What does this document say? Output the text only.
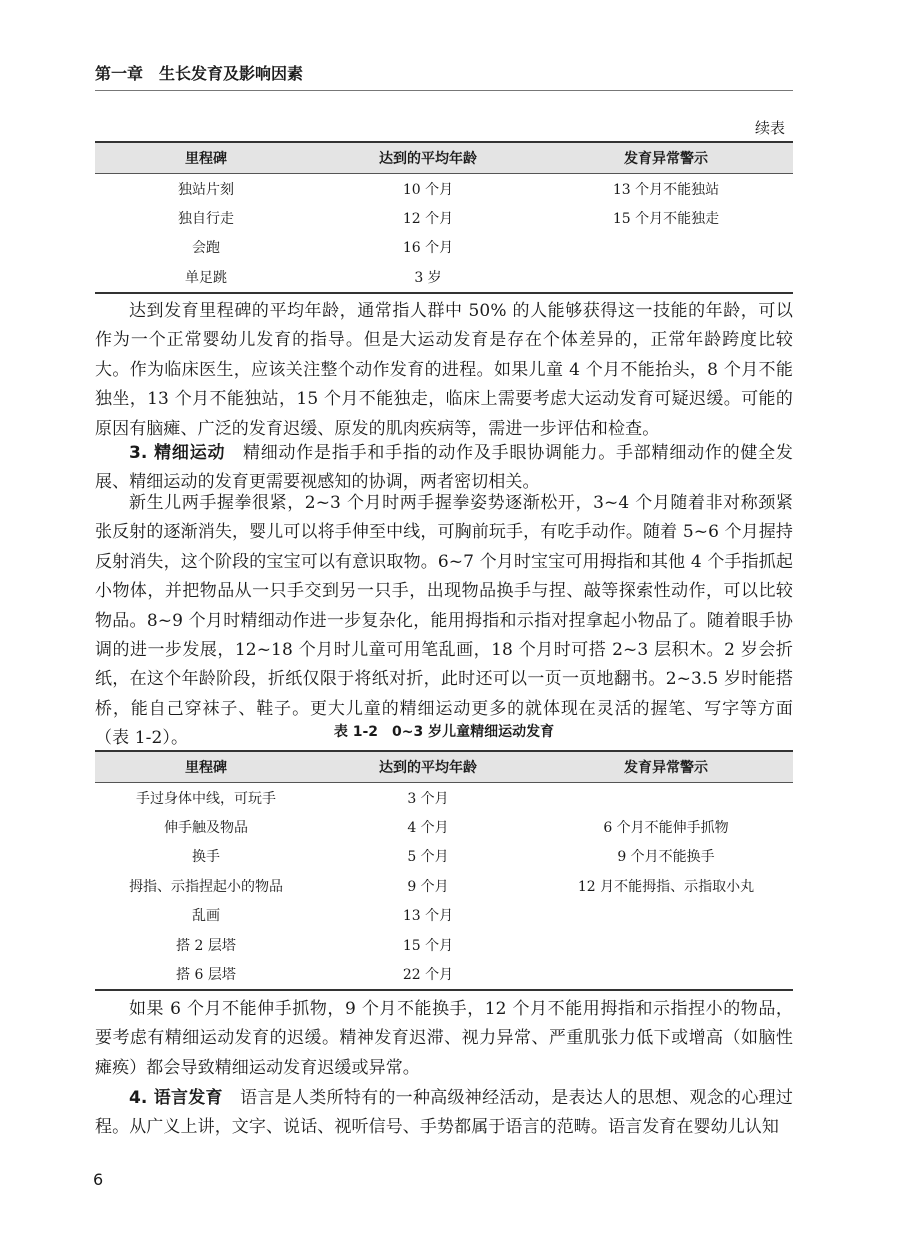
第一章　生长发育及影响因素
续表
里程碑	达到的平均年龄	发育异常警示
独站片刻	10 个月	13 个月不能独站
独自行走	12 个月	15 个月不能独走
会跑	16 个月	
单足跳	3 岁	

达到发育里程碑的平均年龄，通常指人群中 50% 的人能够获得这一技能的年龄，可以作为一个正常婴幼儿发育的指导。但是大运动发育是存在个体差异的，正常年龄跨度比较大。作为临床医生，应该关注整个动作发育的进程。如果儿童 4 个月不能抬头，8 个月不能独坐，13 个月不能独站，15 个月不能独走，临床上需要考虑大运动发育可疑迟缓。可能的原因有脑瘫、广泛的发育迟缓、原发的肌肉疾病等，需进一步评估和检查。

3. 精细运动　 精细动作是指手和手指的动作及手眼协调能力。手部精细动作的健全发展、精细运动的发育更需要视感知的协调，两者密切相关。

新生儿两手握拳很紧，2~3 个月时两手握拳姿势逐渐松开，3~4 个月随着非对称颈紧张反射的逐渐消失，婴儿可以将手伸至中线，可胸前玩手，有吃手动作。随着 5~6 个月握持反射消失，这个阶段的宝宝可以有意识取物。6~7 个月时宝宝可用拇指和其他 4 个手指抓起小物体，并把物品从一只手交到另一只手，出现物品换手与捏、敲等探索性动作，可以比较物品。8~9 个月时精细动作进一步复杂化，能用拇指和示指对捏拿起小物品了。随着眼手协调的进一步发展，12~18 个月时儿童可用笔乱画，18 个月时可搭 2~3 层积木。2 岁会折纸，在这个年龄阶段，折纸仅限于将纸对折，此时还可以一页一页地翻书。2~3.5 岁时能搭桥，能自己穿袜子、鞋子。更大儿童的精细运动更多的就体现在灵活的握笔、写字等方面（表 1-2）。	表 1-2　0~3 岁儿童精细运动发育
里程碑	达到的平均年龄	发育异常警示
手过身体中线，可玩手	3 个月	
伸手触及物品	4 个月	6 个月不能伸手抓物
换手	5 个月	9 个月不能换手
拇指、示指捏起小的物品	9 个月	12 月不能拇指、示指取小丸
乱画	13 个月	
搭 2 层塔	15 个月	
搭 6 层塔	22 个月	

如果 6 个月不能伸手抓物，9 个月不能换手，12 个月不能用拇指和示指捏小的物品，要考虑有精细运动发育的迟缓。精神发育迟滞、视力异常、严重肌张力低下或增高（如脑性瘫痪）都会导致精细运动发育迟缓或异常。

4. 语言发育　 语言是人类所特有的一种高级神经活动，是表达人的思想、观念的心理过程。从广义上讲，文字、说话、视听信号、手势都属于语言的范畴。语言发育在婴幼儿认知

6
